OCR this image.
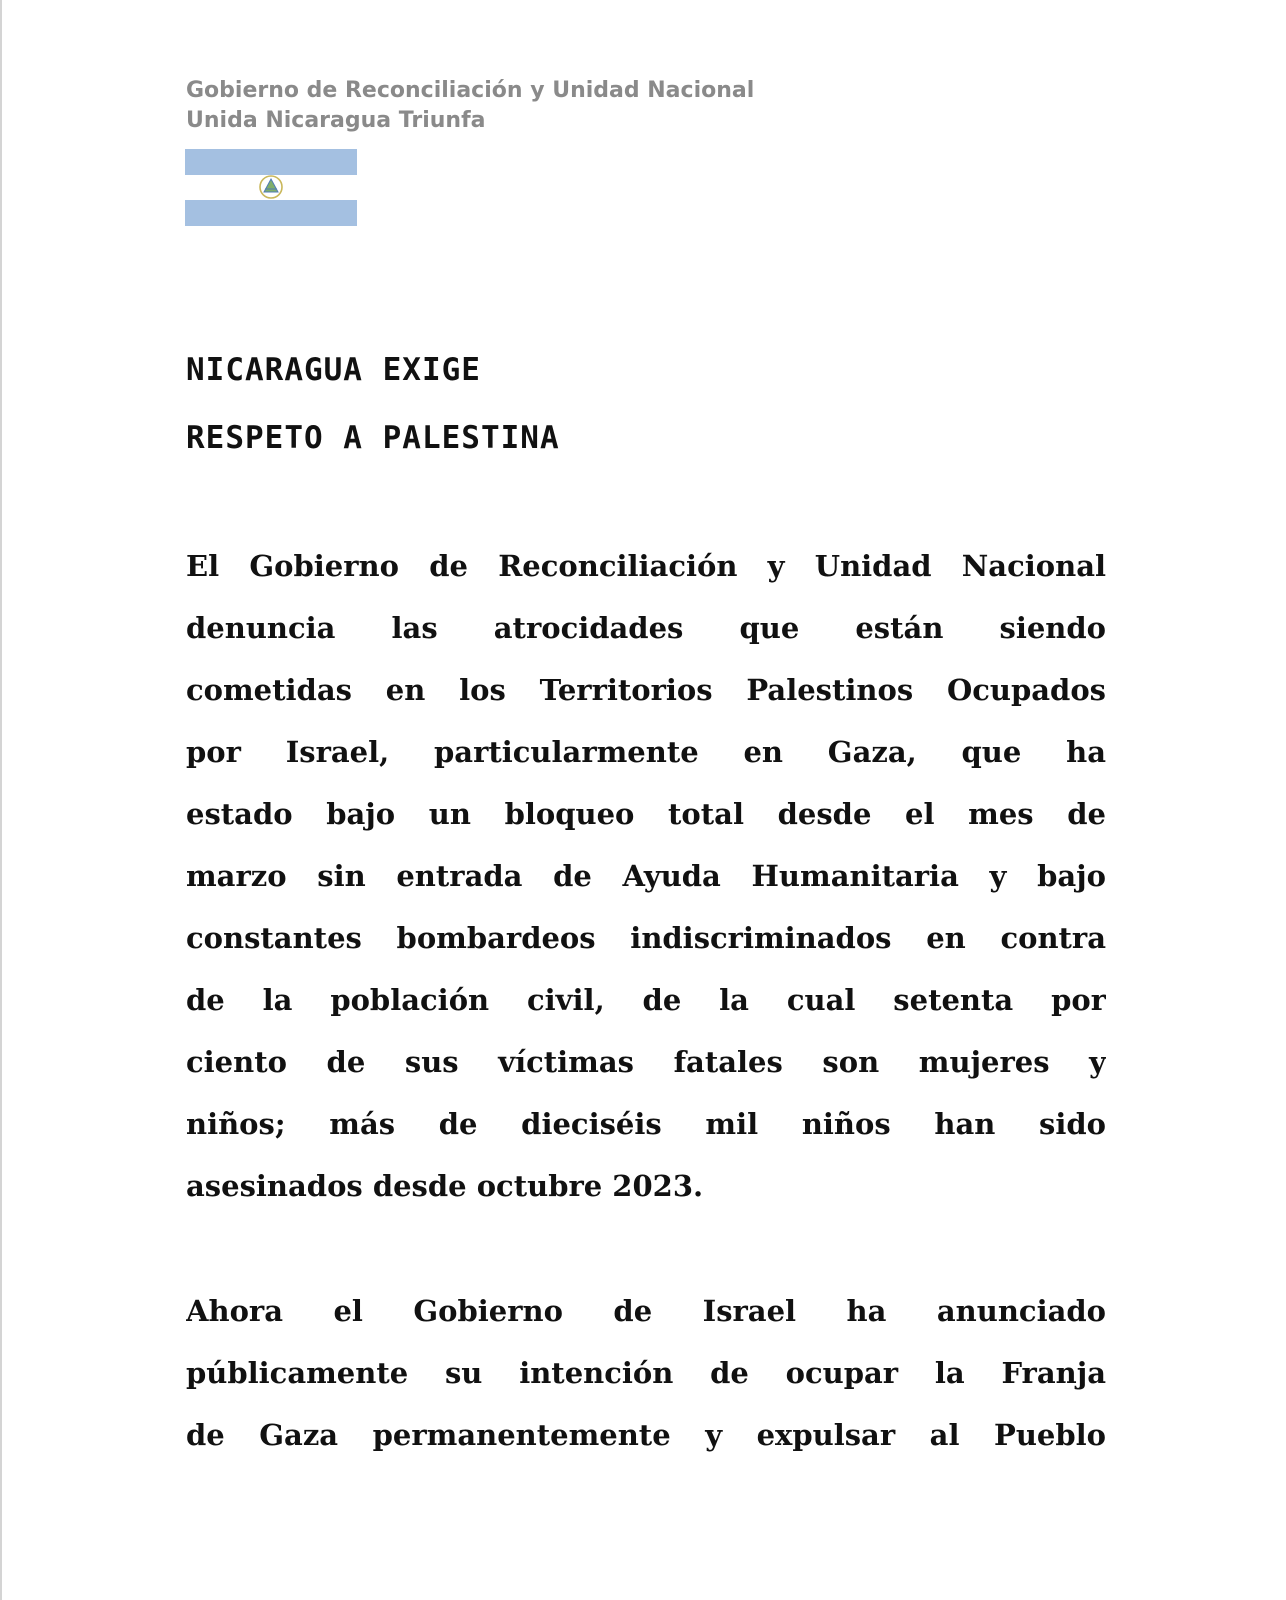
Gobierno de Reconciliación y Unidad Nacional
Unida Nicaragua Triunfa
NICARAGUA EXIGE
RESPETO A PALESTINA
El Gobierno de Reconciliación y Unidad Nacional
denuncia las atrocidades que están siendo
cometidas en los Territorios Palestinos Ocupados
por Israel, particularmente en Gaza, que ha
estado bajo un bloqueo total desde el mes de
marzo sin entrada de Ayuda Humanitaria y bajo
constantes bombardeos indiscriminados en contra
de la población civil, de la cual setenta por
ciento de sus víctimas fatales son mujeres y
niños; más de dieciséis mil niños han sido
asesinados desde octubre 2023.
Ahora el Gobierno de Israel ha anunciado
públicamente su intención de ocupar la Franja
de Gaza permanentemente y expulsar al Pueblo
